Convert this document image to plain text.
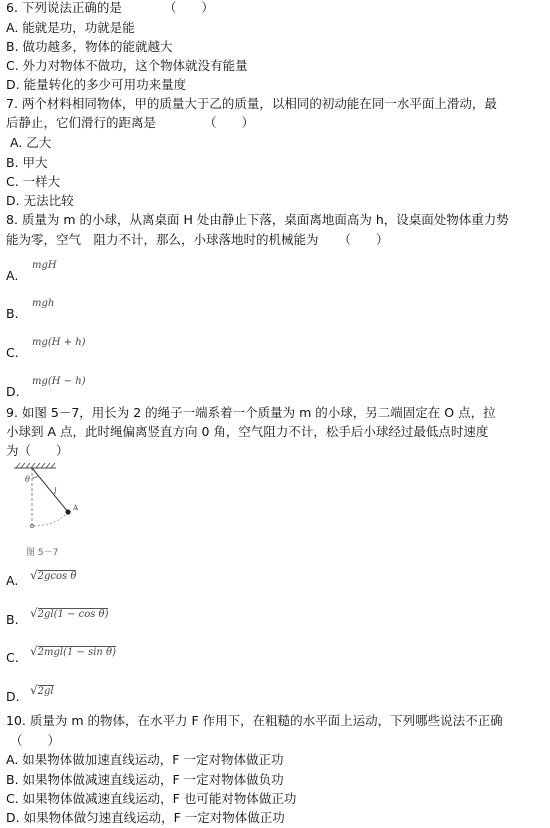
6. 下列说法正确的是	（　　）
A. 能就是功，功就是能
B. 做功越多，物体的能就越大
C. 外力对物体不做功，这个物体就没有能量
D. 能量转化的多少可用功来量度
7. 两个材料相同物体，甲的质量大于乙的质量，以相同的初动能在同一水平面上滑动，最
后静止，它们滑行的距离是	（　　）
A. 乙大
B. 甲大
C. 一样大
D. 无法比较
8. 质量为 m 的小球，从离桌面 H 处由静止下落，桌面离地面高为 h，设桌面处物体重力势
能为零，空气　阻力不计，那么，小球落地时的机械能为 （　　）
A.
mgH
B.
mgh
C.
mg(H + h)
D.
mg(H − h)
9. 如图 5－7，用长为 2 的绳子一端系着一个质量为 m 的小球，另二端固定在 O 点，拉
小球到 A 点，此时绳偏离竖直方向 0 角，空气阻力不计，松手后小球经过最低点时速度
为（　　）
θ
l
A
图 5－7
A. √2gcos θ
B. √2gl(1 − cos θ)
C. √2mgl(1 − sin θ)
D. √2gl
10. 质量为 m 的物体，在水平力 F 作用下，在粗糙的水平面上运动，下列哪些说法不正确
（　　）
A. 如果物体做加速直线运动，F 一定对物体做正功
B. 如果物体做减速直线运动，F 一定对物体做负功
C. 如果物体做减速直线运动，F 也可能对物体做正功
D. 如果物体做匀速直线运动，F 一定对物体做正功
